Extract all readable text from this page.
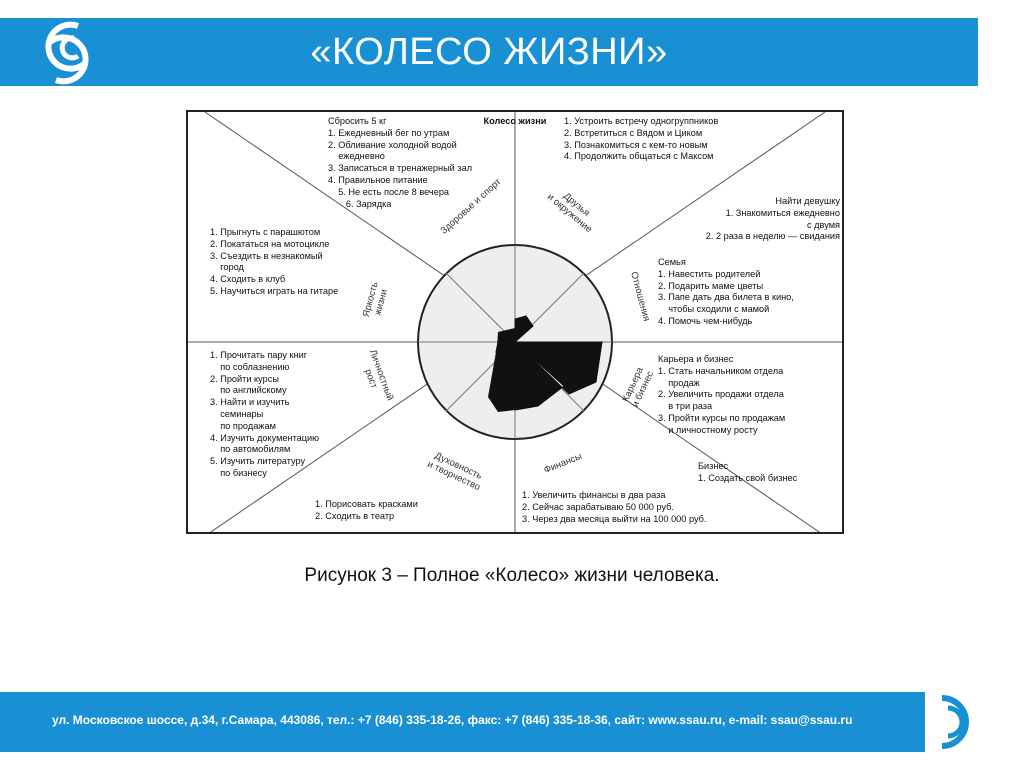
«КОЛЕСО ЖИЗНИ»
Колесо жизни
Здоровье и спорт	Друзья
и окружение
Отношения
Карьера
и бизнес
Финансы
Духовность
и творчество
Личностный
рост
Яркость
жизни
Сбросить 5 кг
1. Ежедневный бег по утрам
2. Обливание холодной водой
ежедневно
3. Записаться в тренажерный зал
4. Правильное питание
5. Не есть после 8 вечера
6. Зарядка
1. Устроить встречу одногруппников
2. Встретиться с Вядом и Циком
3. Познакомиться с кем-то новым
4. Продолжить общаться с Максом
Найти девушку
1. Знакомиться ежедневно
с двумя
2. 2 раза в неделю — свидания
Семья
1. Навестить родителей
2. Подарить маме цветы
3. Папе дать два билета в кино,
чтобы сходили с мамой
4. Помочь чем-нибудь
Карьера и бизнес
1. Стать начальником отдела
продаж
2. Увеличить продажи отдела
в три раза
3. Пройти курсы по продажам
и личностному росту
Бизнес
1. Создать свой бизнес
1. Увеличить финансы в два раза
2. Сейчас зарабатываю 50 000 руб.
3. Через два месяца выйти на 100 000 руб.
1. Порисовать красками
2. Сходить в театр
1. Прочитать пару книг
по соблазнению
2. Пройти курсы
по английскому
3. Найти и изучить
семинары
по продажам
4. Изучить документацию
по автомобилям
5. Изучить литературу
по бизнесу
1. Прыгнуть с парашютом
2. Покататься на мотоцикле
3. Съездить в незнакомый
город
4. Сходить в клуб
5. Научиться играть на гитаре
Рисунок 3 – Полное «Колесо» жизни человека.
ул. Московское шоссе, д.34, г.Самара, 443086, тел.: +7 (846) 335-18-26, факс: +7 (846) 335-18-36, сайт: www.ssau.ru, e-mail: ssau@ssau.ru
6
